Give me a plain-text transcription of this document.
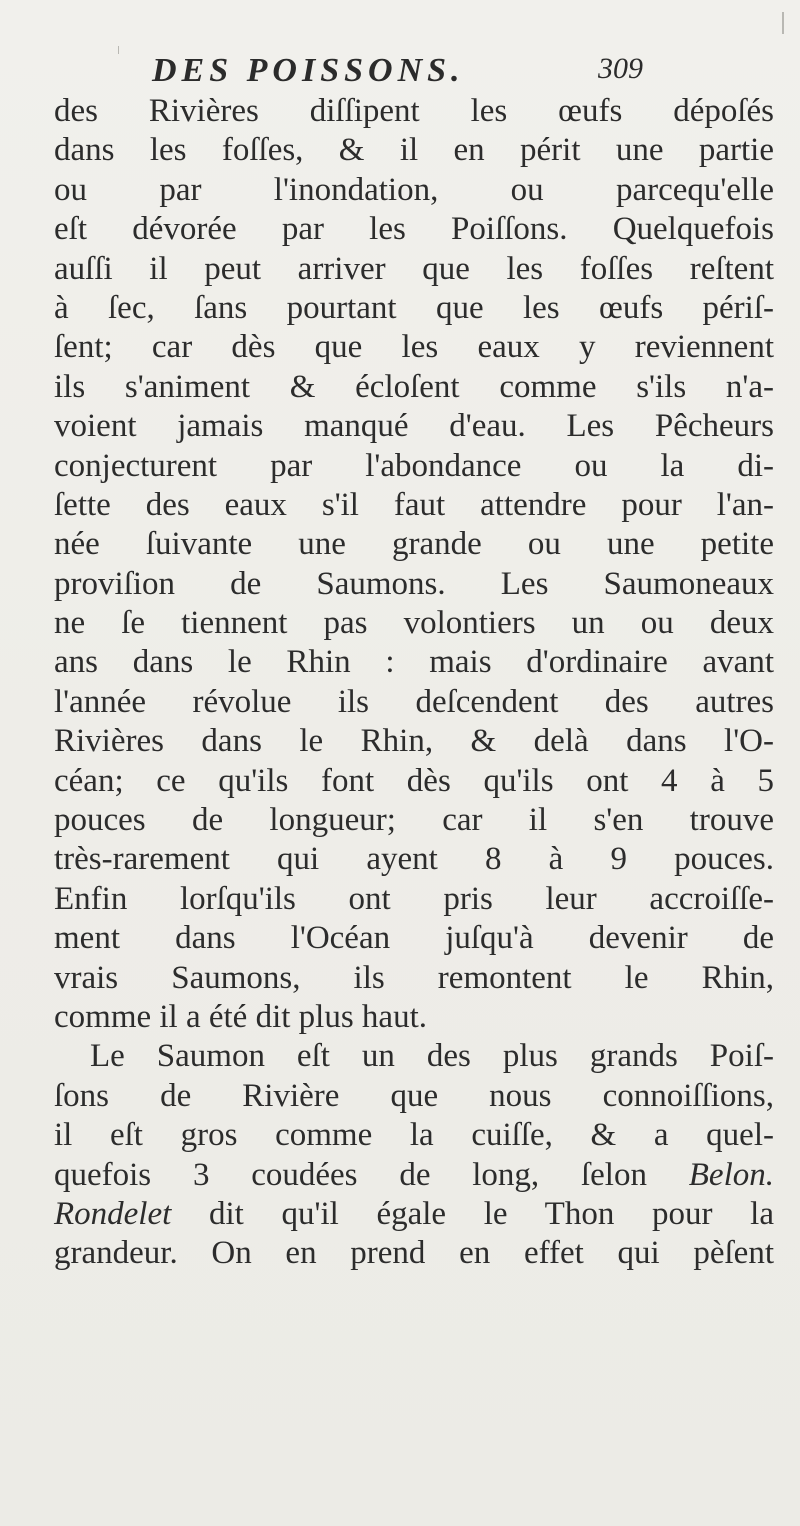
DES POISSONS.	309
des Rivières diſſipent les œufs dépoſés
dans les foſſes, & il en périt une partie
ou par l'inondation, ou parcequ'elle
eſt dévorée par les Poiſſons. Quelquefois
auſſi il peut arriver que les foſſes reſtent
à ſec, ſans pourtant que les œufs périſ-
ſent; car dès que les eaux y reviennent
ils s'animent & écloſent comme s'ils n'a-
voient jamais manqué d'eau. Les Pêcheurs
conjecturent par l'abondance ou la di-
ſette des eaux s'il faut attendre pour l'an-
née ſuivante une grande ou une petite
proviſion de Saumons. Les Saumoneaux
ne ſe tiennent pas volontiers un ou deux
ans dans le Rhin : mais d'ordinaire avant
l'année révolue ils deſcendent des autres
Rivières dans le Rhin, & delà dans l'O-
céan; ce qu'ils font dès qu'ils ont 4 à 5
pouces de longueur; car il s'en trouve
très-rarement qui ayent 8 à 9 pouces.
Enfin lorſqu'ils ont pris leur accroiſſe-
ment dans l'Océan juſqu'à devenir de
vrais Saumons, ils remontent le Rhin,
comme il a été dit plus haut.
Le Saumon eſt un des plus grands Poiſ-
ſons de Rivière que nous connoiſſions,
il eſt gros comme la cuiſſe, & a quel-
quefois 3 coudées de long, ſelon Belon.
Rondelet dit qu'il égale le Thon pour la
grandeur. On en prend en effet qui pèſent
